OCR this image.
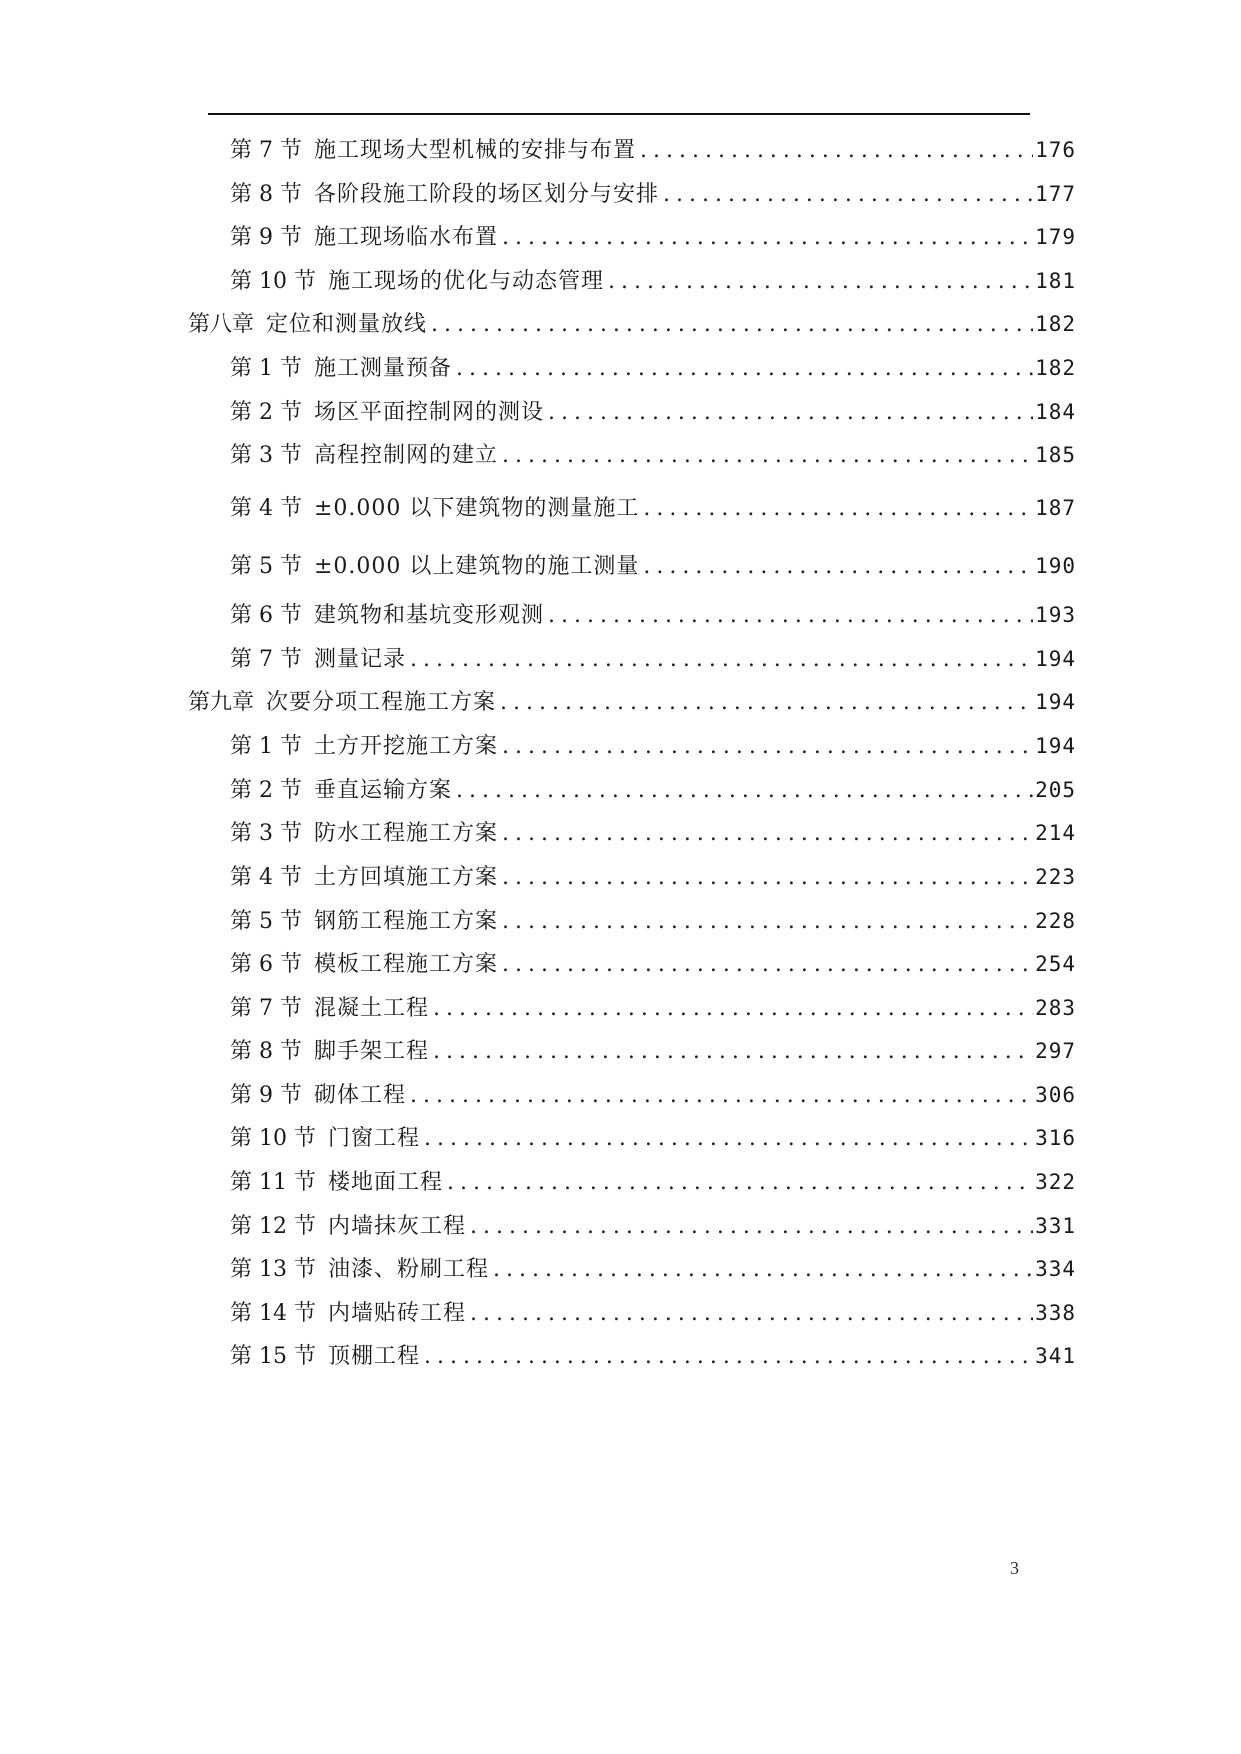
第 7 节 施工现场大型机械的安排与布置 .....	176
第 8 节 各阶段施工阶段的场区划分与安排 .....	177
第 9 节 施工现场临水布置 .....	179
第 10 节 施工现场的优化与动态管理 .....	181
第八章 定位和测量放线 .....	182
第 1 节 施工测量预备 .....	182
第 2 节 场区平面控制网的测设 .....	184
第 3 节 高程控制网的建立 .....	185
第 4 节 ±0.000 以下建筑物的测量施工 .....	187
第 5 节 ±0.000 以上建筑物的施工测量 .....	190
第 6 节 建筑物和基坑变形观测 .....	193
第 7 节 测量记录 .....	194
第九章 次要分项工程施工方案 .....	194
第 1 节 土方开挖施工方案 .....	194
第 2 节 垂直运输方案 .....	205
第 3 节 防水工程施工方案 .....	214
第 4 节 土方回填施工方案 .....	223
第 5 节 钢筋工程施工方案 .....	228
第 6 节 模板工程施工方案 .....	254
第 7 节 混凝土工程 .....	283
第 8 节 脚手架工程 .....	297
第 9 节 砌体工程 .....	306
第 10 节 门窗工程 .....	316
第 11 节 楼地面工程 .....	322
第 12 节 内墙抹灰工程 .....	331
第 13 节 油漆、粉刷工程 .....	334
第 14 节 内墙贴砖工程 .....	338
第 15 节 顶棚工程 .....	341
3
